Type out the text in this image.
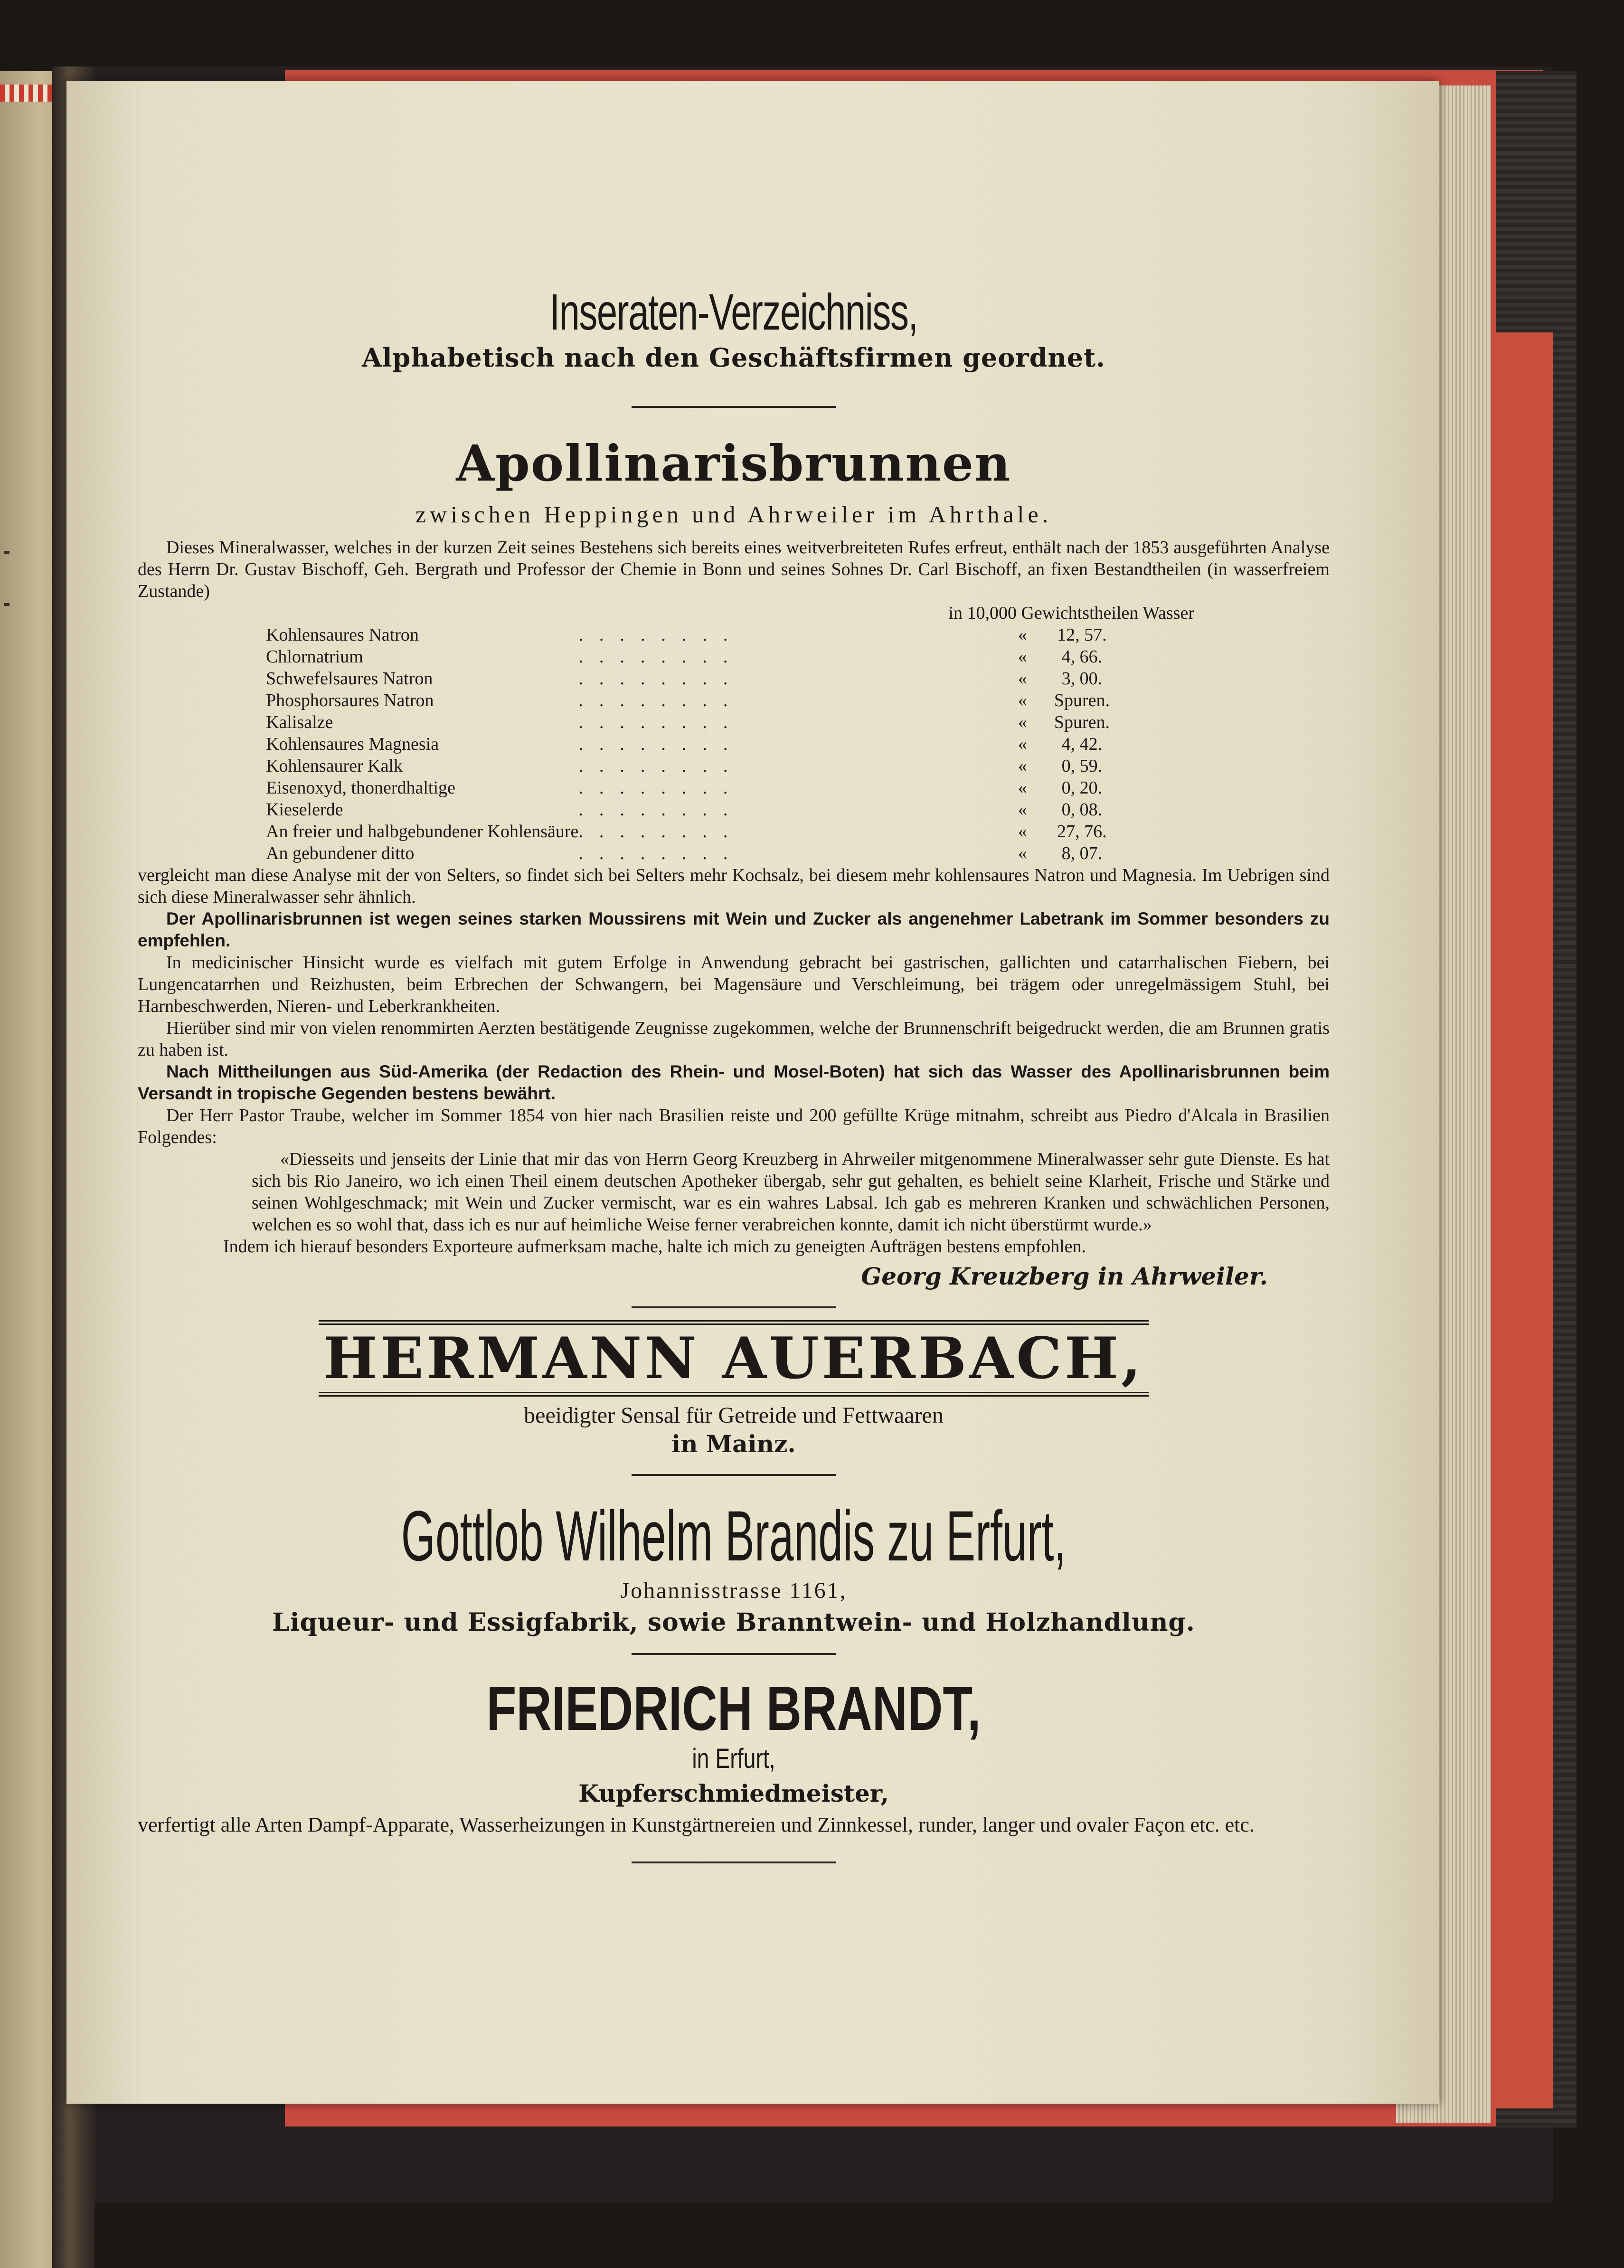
Inseraten-Verzeichniss,

Alphabetisch nach den Geschäftsfirmen geordnet.

Apollinarisbrunnen

zwischen Heppingen und Ahrweiler im Ahrthale.

Dieses Mineralwasser, welches in der kurzen Zeit seines Bestehens sich bereits eines weitverbreiteten Rufes erfreut, enthält nach der 1853 ausgeführten Analyse des Herrn Dr. Gustav Bischoff, Geh. Bergrath und Professor der Chemie in Bonn und seines Sohnes Dr. Carl Bischoff, an fixen Bestandtheilen (in wasserfreiem Zustande)

in 10,000 Gewichtstheilen Wasser
Kohlensaures Natron	........	«	12, 57.
Chlornatrium	........	«	4, 66.
Schwefelsaures Natron	........	«	3, 00.
Phosphorsaures Natron	........	«	Spuren.
Kalisalze	........	«	Spuren.
Kohlensaures Magnesia	........	«	4, 42.
Kohlensaurer Kalk	........	«	0, 59.
Eisenoxyd, thonerdhaltige	........	«	0, 20.
Kieselerde	........	«	0, 08.
An freier und halbgebundener Kohlensäure	........	«	27, 76.
An gebundener ditto	........	«	8, 07.

vergleicht man diese Analyse mit der von Selters, so findet sich bei Selters mehr Kochsalz, bei diesem mehr kohlensaures Natron und Magnesia. Im Uebrigen sind sich diese Mineralwasser sehr ähnlich.

Der Apollinarisbrunnen ist wegen seines starken Moussirens mit Wein und Zucker als angenehmer Labetrank im Sommer besonders zu empfehlen.

In medicinischer Hinsicht wurde es vielfach mit gutem Erfolge in Anwendung gebracht bei gastrischen, gallichten und catarrhalischen Fiebern, bei Lungencatarrhen und Reizhusten, beim Erbrechen der Schwangern, bei Magensäure und Verschleimung, bei trägem oder unregelmässigem Stuhl, bei Harnbeschwerden, Nieren- und Leberkrankheiten.

Hierüber sind mir von vielen renommirten Aerzten bestätigende Zeugnisse zugekommen, welche der Brunnenschrift beigedruckt werden, die am Brunnen gratis zu haben ist.

Nach Mittheilungen aus Süd-Amerika (der Redaction des Rhein- und Mosel-Boten) hat sich das Wasser des Apollinarisbrunnen beim Versandt in tropische Gegenden bestens bewährt.

Der Herr Pastor Traube, welcher im Sommer 1854 von hier nach Brasilien reiste und 200 gefüllte Krüge mitnahm, schreibt aus Piedro d'Alcala in Brasilien Folgendes:

«Diesseits und jenseits der Linie that mir das von Herrn Georg Kreuzberg in Ahrweiler mitgenommene Mineralwasser sehr gute Dienste. Es hat sich bis Rio Janeiro, wo ich einen Theil einem deutschen Apotheker übergab, sehr gut gehalten, es behielt seine Klarheit, Frische und Stärke und seinen Wohlgeschmack; mit Wein und Zucker vermischt, war es ein wahres Labsal. Ich gab es mehreren Kranken und schwächlichen Personen, welchen es so wohl that, dass ich es nur auf heimliche Weise ferner verabreichen konnte, damit ich nicht überstürmt wurde.»

Indem ich hierauf besonders Exporteure aufmerksam mache, halte ich mich zu geneigten Aufträgen bestens empfohlen.

Georg Kreuzberg in Ahrweiler.

HERMANN AUERBACH,

beeidigter Sensal für Getreide und Fettwaaren
in Mainz.

Gottlob Wilhelm Brandis zu Erfurt,

Johannisstrasse 1161,
Liqueur- und Essigfabrik, sowie Branntwein- und Holzhandlung.

FRIEDRICH BRANDT,

in Erfurt,
Kupferschmiedmeister,

verfertigt alle Arten Dampf-Apparate, Wasserheizungen in Kunstgärtnereien und Zinnkessel, runder, langer und ovaler Façon etc. etc.
